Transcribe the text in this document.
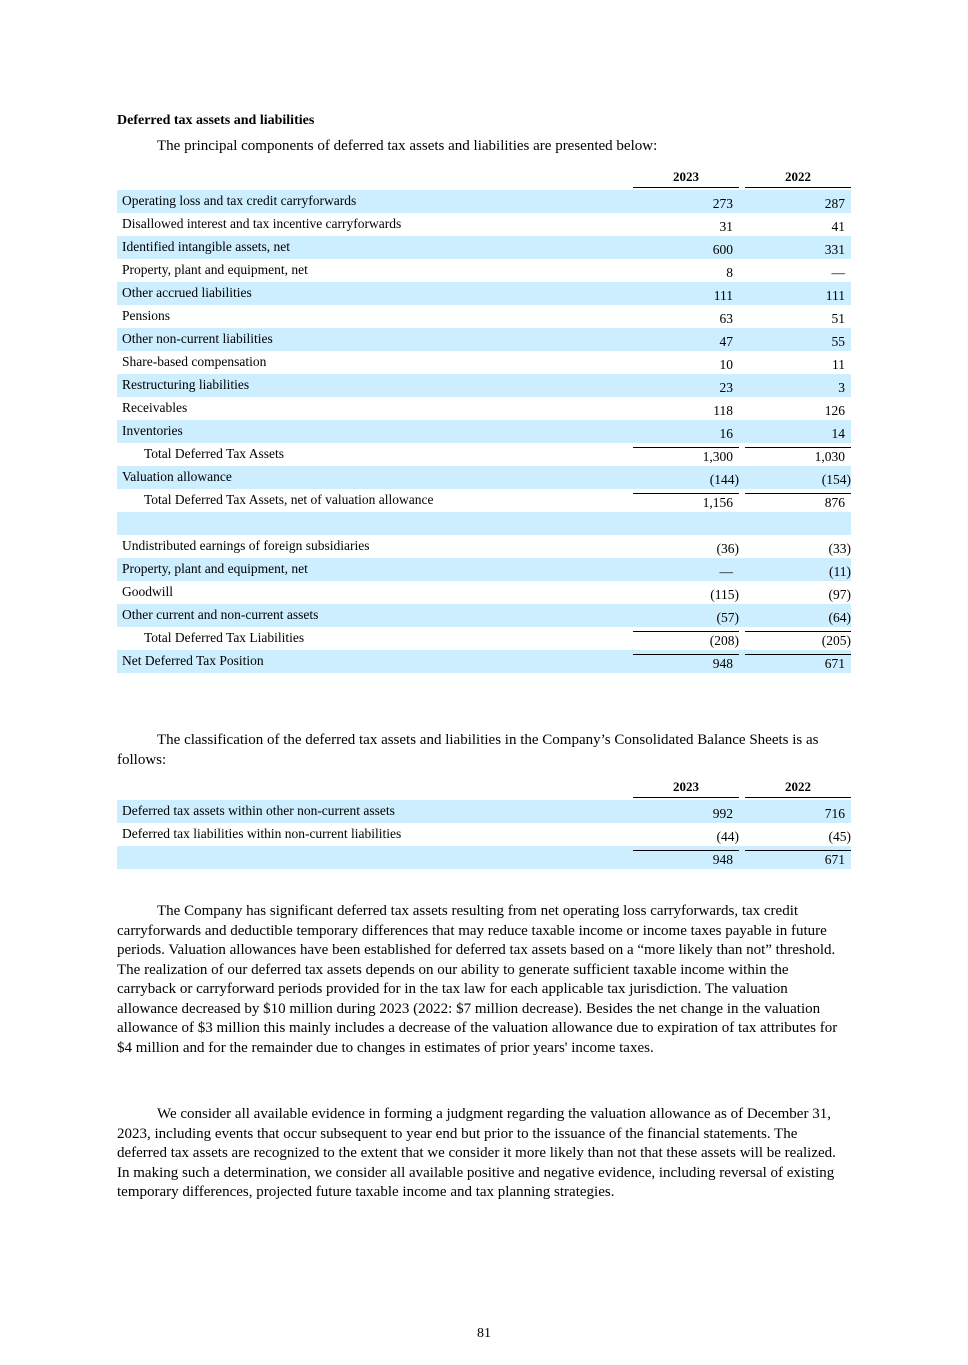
Deferred tax assets and liabilities
The principal components of deferred tax assets and liabilities are presented below:
2023	2022
Operating loss and tax credit carryforwards	273	287
Disallowed interest and tax incentive carryforwards	31	41
Identified intangible assets, net	600	331
Property, plant and equipment, net	8	—
Other accrued liabilities	111	111
Pensions	63	51
Other non-current liabilities	47	55
Share-based compensation	10	11
Restructuring liabilities	23	3
Receivables	118	126
Inventories	16	14
Total Deferred Tax Assets	1,300	1,030
Valuation allowance	(144)	(154)
Total Deferred Tax Assets, net of valuation allowance	1,156	876
Undistributed earnings of foreign subsidiaries	(36)	(33)
Property, plant and equipment, net	—	(11)
Goodwill	(115)	(97)
Other current and non-current assets	(57)	(64)
Total Deferred Tax Liabilities	(208)	(205)
Net Deferred Tax Position	948	671
The classification of the deferred tax assets and liabilities in the Company’s Consolidated Balance Sheets is as follows:
2023	2022
Deferred tax assets within other non-current assets	992	716
Deferred tax liabilities within non-current liabilities	(44)	(45)
948	671
The Company has significant deferred tax assets resulting from net operating loss carryforwards, tax credit carryforwards and deductible temporary differences that may reduce taxable income or income taxes payable in future periods. Valuation allowances have been established for deferred tax assets based on a “more likely than not” threshold. The realization of our deferred tax assets depends on our ability to generate sufficient taxable income within the carryback or carryforward periods provided for in the tax law for each applicable tax jurisdiction. The valuation allowance decreased by $10 million during 2023 (2022: $7 million decrease). Besides the net change in the valuation allowance of $3 million this mainly includes a decrease of the valuation allowance due to expiration of tax attributes for $4 million and for the remainder due to changes in estimates of prior years' income taxes.
We consider all available evidence in forming a judgment regarding the valuation allowance as of December 31, 2023, including events that occur subsequent to year end but prior to the issuance of the financial statements. The deferred tax assets are recognized to the extent that we consider it more likely than not that these assets will be realized. In making such a determination, we consider all available positive and negative evidence, including reversal of existing temporary differences, projected future taxable income and tax planning strategies.
81
